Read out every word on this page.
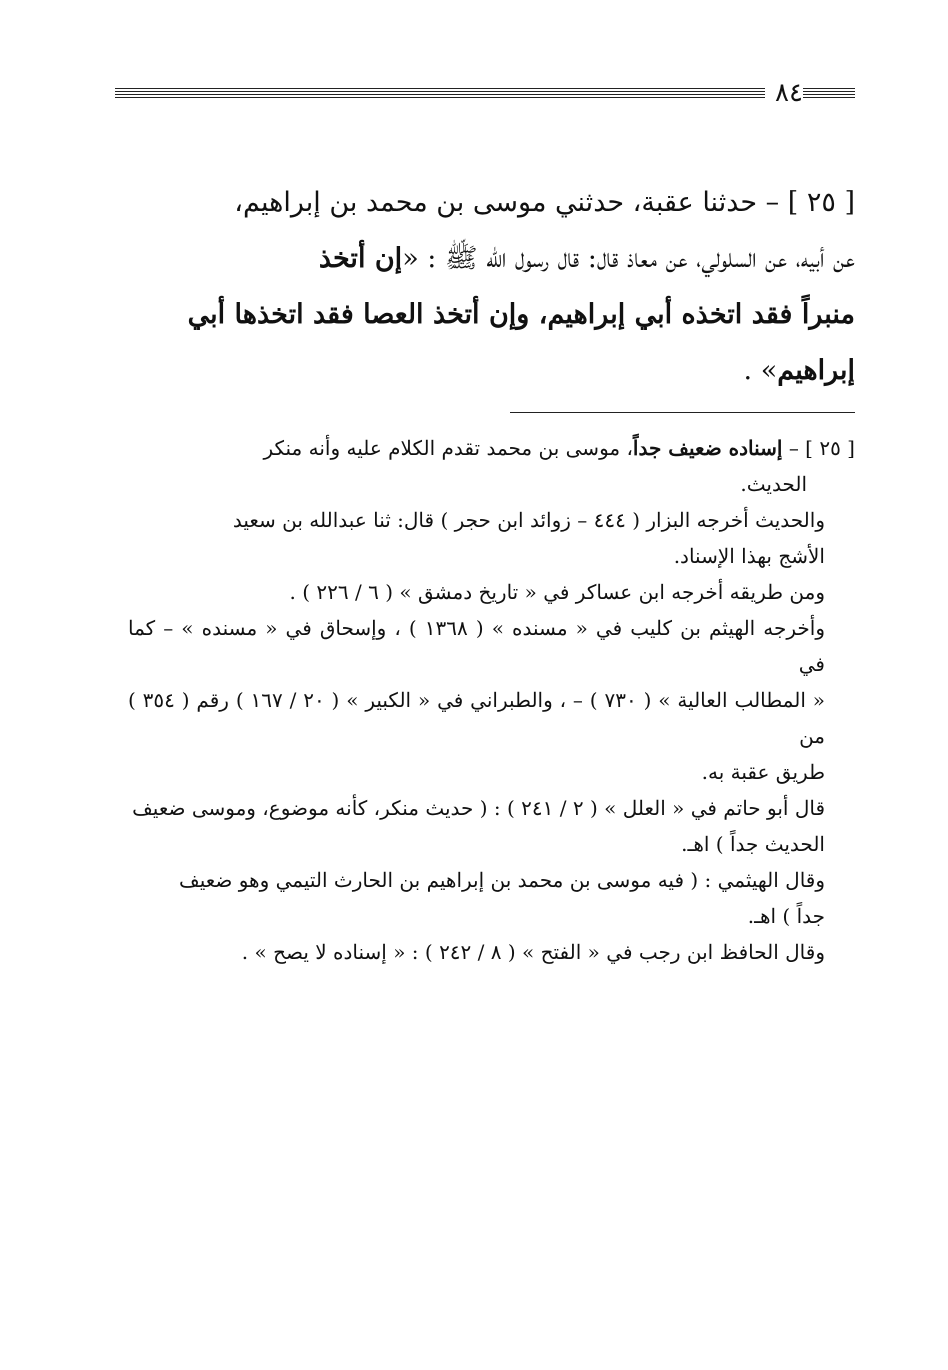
٨٤

[ ٢٥ ] – حدثنا عقبة، حدثني موسى بن محمد بن إبراهيم،
عن أبيه، عن السلولي، عن معاذ قال: قال رسول الله ﷺ : «إن أتخذ
منبراً فقد اتخذه أبي إبراهيم، وإن أتخذ العصا فقد اتخذها أبي
إبراهيم» .

[ ٢٥ ] – إسناده ضعيف جداً، موسى بن محمد تقدم الكلام عليه وأنه منكر

الحديث.

والحديث أخرجه البزار ( ٤٤٤ – زوائد ابن حجر ) قال: ثنا عبدالله بن سعيد

الأشج بهذا الإسناد.

ومن طريقه أخرجه ابن عساكر في « تاريخ دمشق » ( ٦ / ٢٢٦ ) .

وأخرجه الهيثم بن كليب في « مسنده » ( ١٣٦٨ ) ، وإسحاق في « مسنده » – كما في

« المطالب العالية » ( ٧٣٠ ) – ، والطبراني في « الكبير » ( ٢٠ / ١٦٧ ) رقم ( ٣٥٤ ) من

طريق عقبة به.

قال أبو حاتم في « العلل » ( ٢ / ٢٤١ ) : ( حديث منكر، كأنه موضوع، وموسى ضعيف

الحديث جداً ) اهـ.

وقال الهيثمي : ( فيه موسى بن محمد بن إبراهيم بن الحارث التيمي وهو ضعيف

جداً ) اهـ.

وقال الحافظ ابن رجب في « الفتح » ( ٨ / ٢٤٢ ) : « إسناده لا يصح » .
